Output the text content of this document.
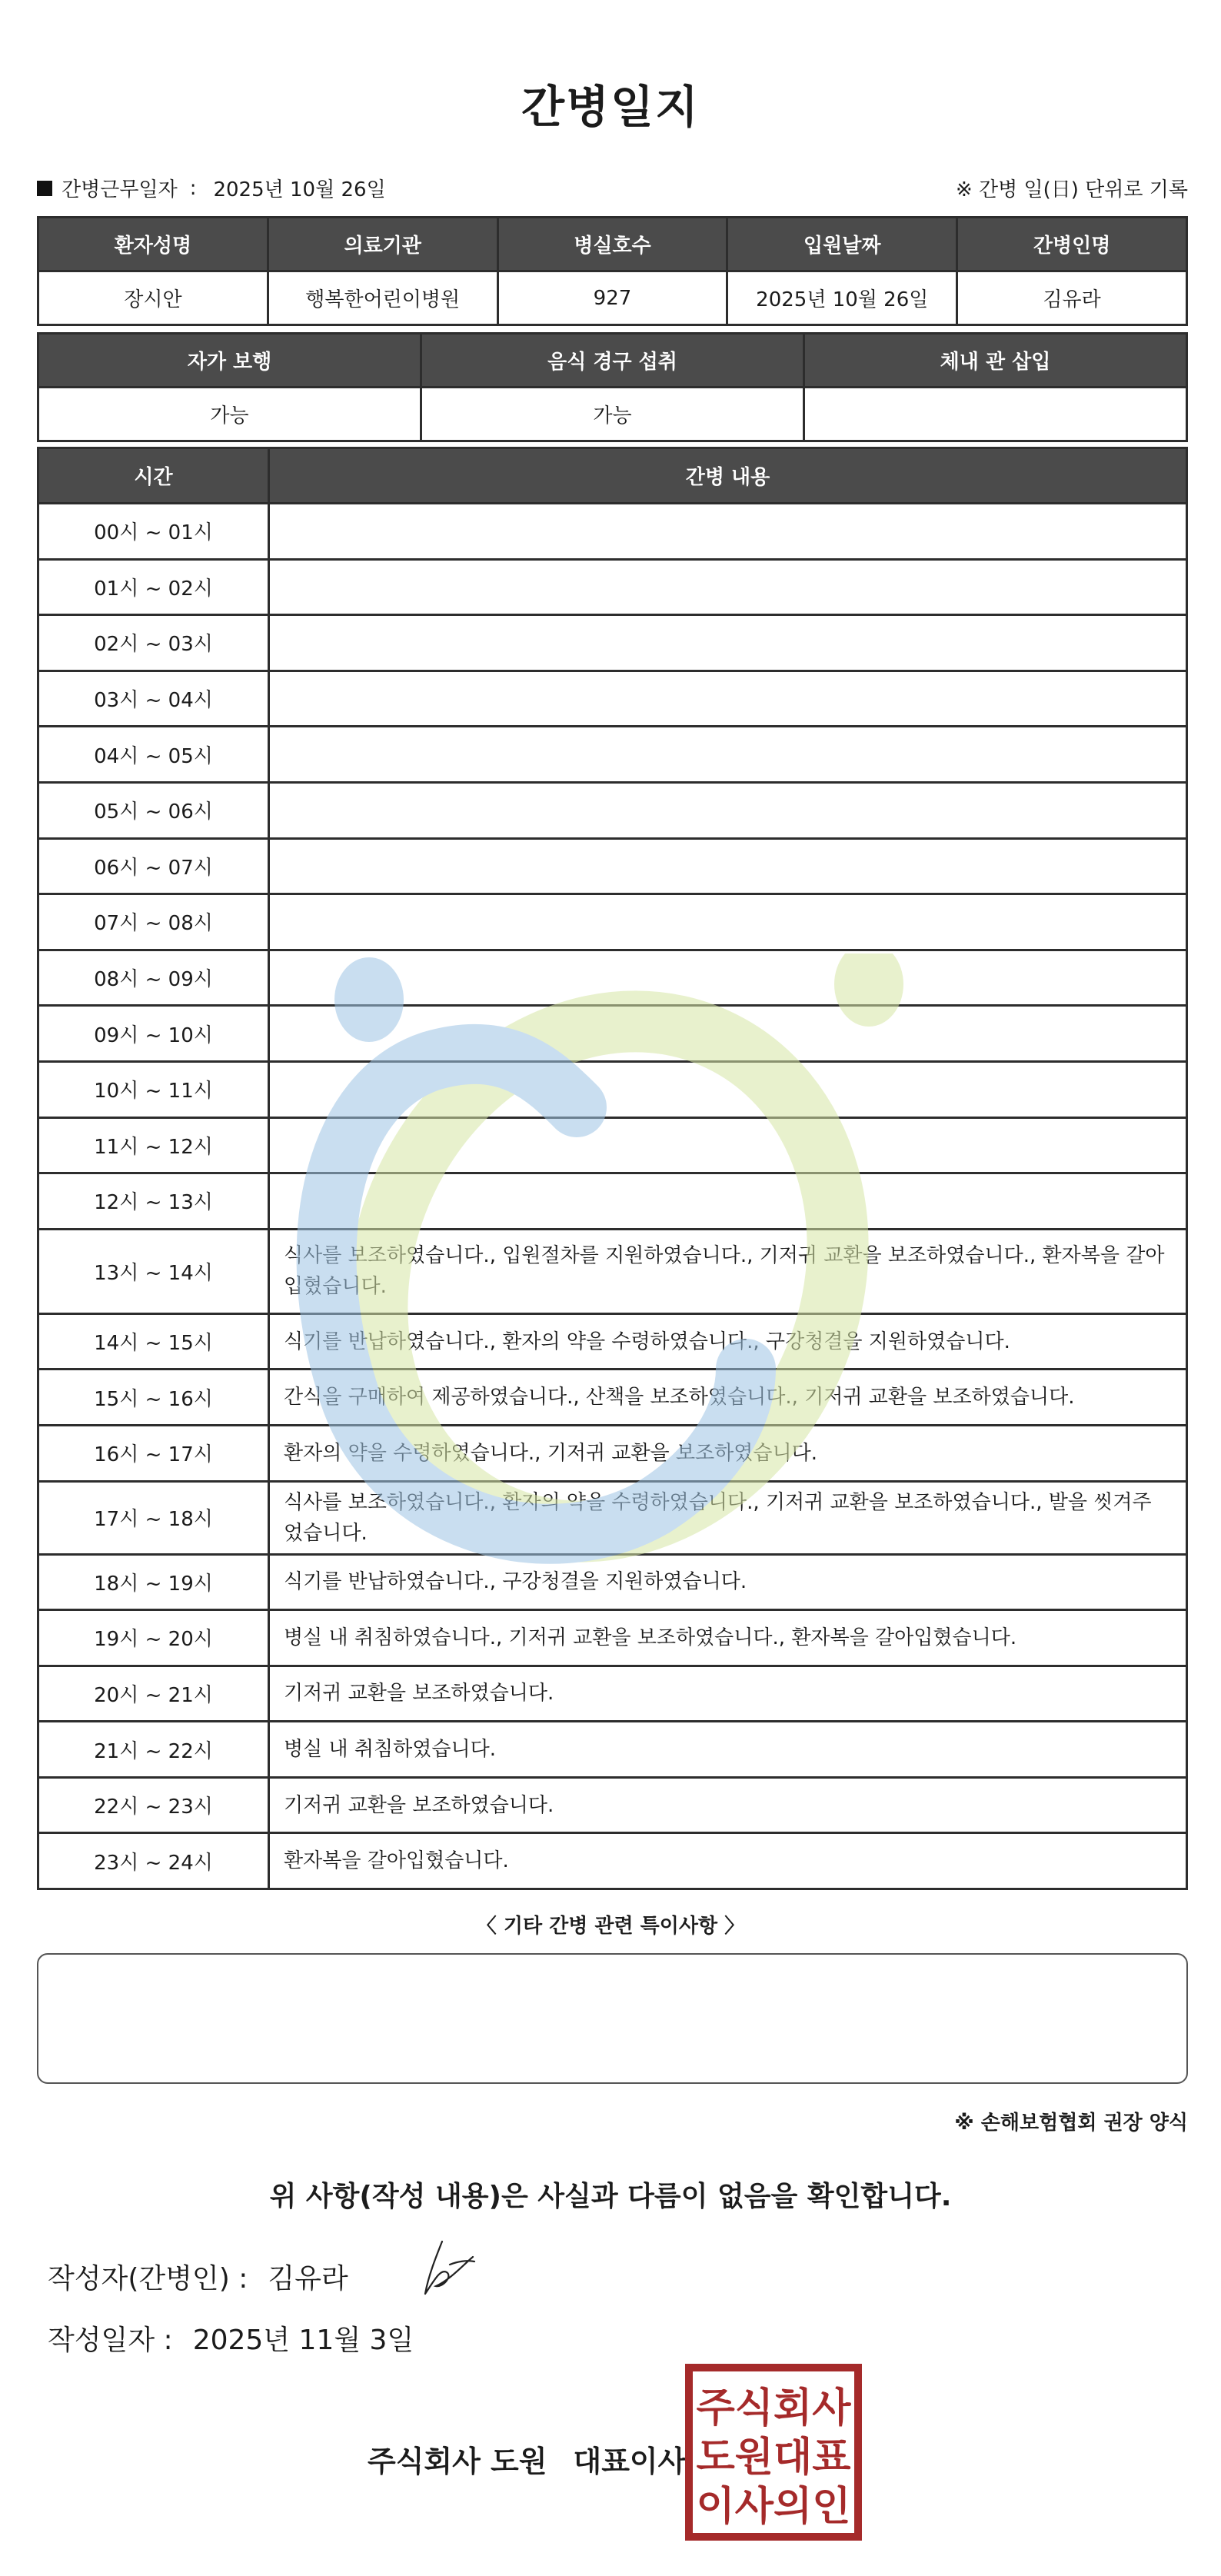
간병일지
간병근무일자 : 2025년 10월 26일	※ 간병 일(日) 단위로 기록
환자성명	의료기관	병실호수	입원날짜	간병인명
장시안	행복한어린이병원	927	2025년 10월 26일	김유라
자가 보행	음식 경구 섭취	체내 관 삽입
가능	가능	
시간	간병 내용
00시 ~ 01시	
01시 ~ 02시	
02시 ~ 03시	
03시 ~ 04시	
04시 ~ 05시	
05시 ~ 06시	
06시 ~ 07시	
07시 ~ 08시	
08시 ~ 09시	
09시 ~ 10시	
10시 ~ 11시	
11시 ~ 12시	
12시 ~ 13시	
13시 ~ 14시	식사를 보조하였습니다., 입원절차를 지원하였습니다., 기저귀 교환을 보조하였습니다., 환자복을 갈아입혔습니다.
14시 ~ 15시	식기를 반납하였습니다., 환자의 약을 수령하였습니다., 구강청결을 지원하였습니다.
15시 ~ 16시	간식을 구매하여 제공하였습니다., 산책을 보조하였습니다., 기저귀 교환을 보조하였습니다.
16시 ~ 17시	환자의 약을 수령하였습니다., 기저귀 교환을 보조하였습니다.
17시 ~ 18시	식사를 보조하였습니다., 환자의 약을 수령하였습니다., 기저귀 교환을 보조하였습니다., 발을 씻겨주었습니다.
18시 ~ 19시	식기를 반납하였습니다., 구강청결을 지원하였습니다.
19시 ~ 20시	병실 내 취침하였습니다., 기저귀 교환을 보조하였습니다., 환자복을 갈아입혔습니다.
20시 ~ 21시	기저귀 교환을 보조하였습니다.
21시 ~ 22시	병실 내 취침하였습니다.
22시 ~ 23시	기저귀 교환을 보조하였습니다.
23시 ~ 24시	환자복을 갈아입혔습니다.
〈 기타 간병 관련 특이사항 〉
※ 손해보험협회 권장 양식
위 사항(작성 내용)은 사실과 다름이 없음을 확인합니다.
작성자(간병인) : 김유라
작성일자 : 2025년 11월 3일
주식회사 도원 대표이사
주식회사
도원대표
이사의인
